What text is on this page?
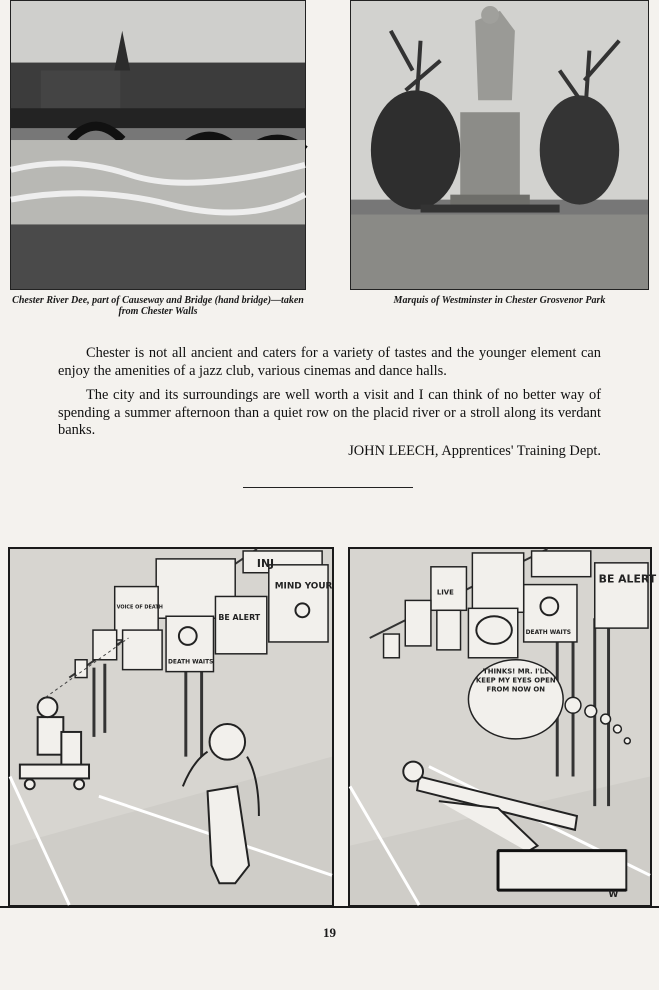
Chester River Dee, part of Causeway and Bridge (hand bridge)—taken from Chester Walls
Marquis of Westminster in Chester Grosvenor Park

Chester is not all ancient and caters for a variety of tastes and the younger element can enjoy the amenities of a jazz club, various cinemas and dance halls.

The city and its surroundings are well worth a visit and I can think of no better way of spending a summer afternoon than a quiet row on the placid river or a stroll along its verdant banks.

JOHN LEECH, Apprentices' Training Dept.
INJ
MIND YOUR
BE ALERT
DEATH WAITS
VOICE OF DEATH
BE ALERT
DEATH WAITS
LIVE
THINKS! MR. I'LL KEEP MY EYES OPEN FROM NOW ON
W
19
